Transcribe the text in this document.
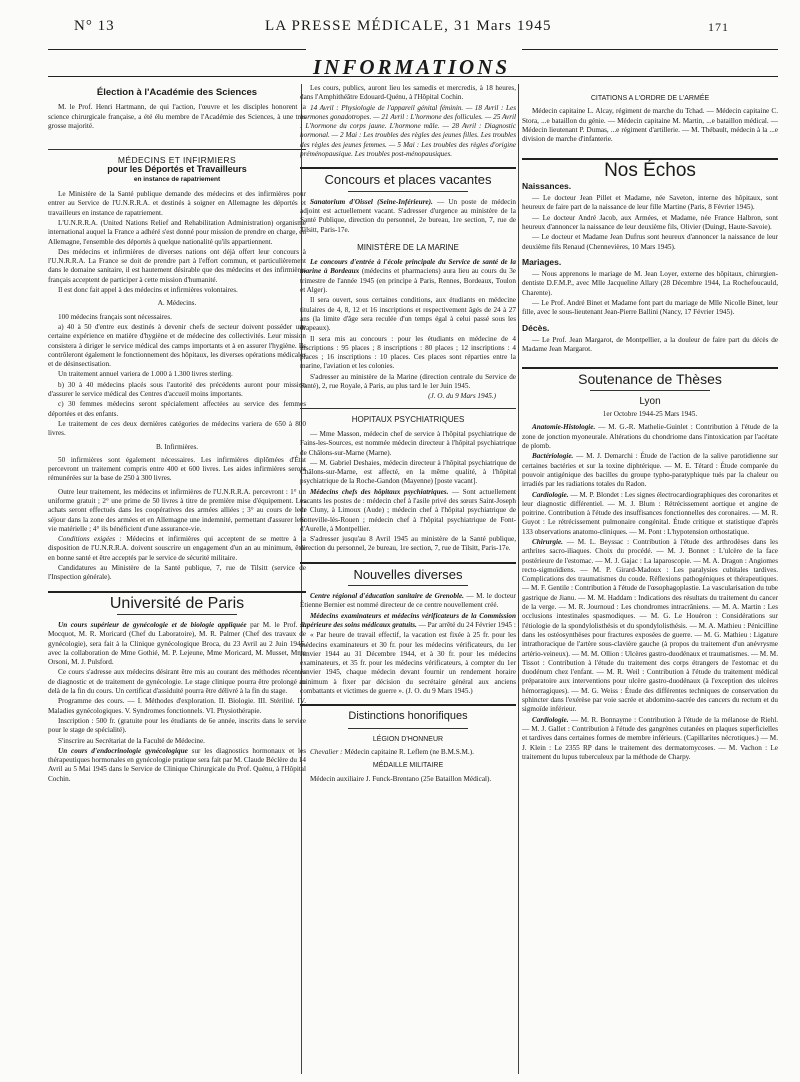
N° 13	LA PRESSE MÉDICALE, 31 Mars 1945	171
INFORMATIONS
Élection à l'Académie des Sciences

M. le Prof. Henri Hartmann, de qui l'action, l'œuvre et les disciples honorent la science chirurgicale française, a été élu membre de l'Académie des Sciences, à une très grosse majorité.

MÉDECINS ET INFIRMIERS
pour les Déportés et Travailleurs
en instance de rapatriement

Le Ministère de la Santé publique demande des médecins et des infirmières pour entrer au Service de l'U.N.R.R.A. et destinés à soigner en Allemagne les déportés et travailleurs en instance de rapatriement.

L'U.N.R.R.A. (United Nations Relief and Rehabilitation Administration) organisme international auquel la France a adhéré s'est donné pour mission de prendre en charge, en Allemagne, l'ensemble des déportés à quelque nationalité qu'ils appartiennent.

Des médecins et infirmières de diverses nations ont déjà offert leur concours à l'U.N.R.R.A. La France se doit de prendre part à l'effort commun, et particulièrement dans le domaine sanitaire, il est hautement désirable que des médecins et des infirmières français acceptent de participer à cette mission d'humanité.

Il est donc fait appel à des médecins et infirmières volontaires.

A. Médecins.

100 médecins français sont nécessaires.

a) 40 à 50 d'entre eux destinés à devenir chefs de secteur doivent posséder une certaine expérience en matière d'hygiène et de médecine des collectivités. Leur mission consistera à diriger le service médical des camps importants et à en assurer l'hygiène. Ils contrôleront également le fonctionnement des hôpitaux, les diverses opérations médicales et de désinsectisation.

Un traitement annuel variera de 1.000 à 1.300 livres sterling.

b) 30 à 40 médecins placés sous l'autorité des précédents auront pour mission d'assurer le service médical des Centres d'accueil moins importants.

c) 30 femmes médecins seront spécialement affectées au service des femmes déportées et des enfants.

Le traitement de ces deux dernières catégories de médecins variera de 650 à 800 livres.

B. Infirmières.

50 infirmières sont également nécessaires. Les infirmières diplômées d'État percevront un traitement compris entre 400 et 600 livres. Les aides infirmières seront rémunérées sur la base de 250 à 300 livres.

Outre leur traitement, les médecins et infirmières de l'U.N.R.R.A. percevront : 1° un uniforme gratuit ; 2° une prime de 50 livres à titre de première mise d'équipement. Les achats seront effectués dans les coopératives des armées alliées ; 3° au cours de leur séjour dans la zone des armées et en Allemagne une indemnité, permettant d'assurer leur vie matérielle ; 4° ils bénéficient d'une assurance-vie.

Conditions exigées : Médecins et infirmières qui acceptent de se mettre à la disposition de l'U.N.R.R.A. doivent souscrire un engagement d'un an au minimum, être en bonne santé et être acceptés par le service de sécurité militaire.

Candidatures au Ministère de la Santé publique, 7, rue de Tilsitt (service de l'Inspection générale).

Université de Paris

Un cours supérieur de gynécologie et de biologie appliquée par M. le Prof. P. Mocquot, M. R. Moricard (Chef du Laboratoire), M. R. Palmer (Chef des travaux de gynécologie), sera fait à la Clinique gynécologique Broca, du 23 Avril au 2 Juin 1945, avec la collaboration de Mme Gothié, M. P. Lejeune, Mme Moricard, M. Musset, Mme Orsoni, M. J. Pulsford.

Ce cours s'adresse aux médecins désirant être mis au courant des méthodes récentes de diagnostic et de traitement de gynécologie. Le stage clinique pourra être prolongé au delà de la fin du cours. Un certificat d'assiduité pourra être délivré à la fin du stage.

Programme des cours. — I. Méthodes d'exploration. II. Biologie. III. Stérilité. IV. Maladies gynécologiques. V. Syndromes fonctionnels. VI. Physiothérapie.

Inscription : 500 fr. (gratuite pour les étudiants de 6e année, inscrits dans le service pour le stage de spécialité).

S'inscrire au Secrétariat de la Faculté de Médecine.

Un cours d'endocrinologie gynécologique sur les diagnostics hormonaux et les thérapeutiques hormonales en gynécologie pratique sera fait par M. Claude Béclère du 14 Avril au 5 Mai 1945 dans le Service de Clinique Chirurgicale du Prof. Quénu, à l'Hôpital Cochin.

Les cours, publics, auront lieu les samedis et mercredis, à 18 heures, dans l'Amphithéâtre Edouard-Quénu, à l'Hôpital Cochin.

14 Avril : Physiologie de l'appareil génital féminin. — 18 Avril : Les hormones gonadotropes. — 21 Avril : L'hormone des follicules. — 25 Avril : L'hormone du corps jaune. L'hormone mâle. — 28 Avril : Diagnostic hormonal. — 2 Mai : Les troubles des règles des jeunes filles. Les troubles des règles des jeunes femmes. — 5 Mai : Les troubles des règles d'origine préménopausique. Les troubles post-ménopausiques.

Concours et places vacantes

Sanatorium d'Oissel (Seine-Inférieure). — Un poste de médecin adjoint est actuellement vacant. S'adresser d'urgence au ministère de la Santé Publique, direction du personnel, 2e bureau, 1re section, 7, rue de Tilsitt, Paris-17e.

MINISTÈRE DE LA MARINE

Le concours d'entrée à l'école principale du Service de santé de la marine à Bordeaux (médecins et pharmaciens) aura lieu au cours du 3e trimestre de l'année 1945 (en principe à Paris, Rennes, Bordeaux, Toulon et Alger).

Il sera ouvert, sous certaines conditions, aux étudiants en médecine titulaires de 4, 8, 12 et 16 inscriptions et respectivement âgés de 24 à 27 ans (la limite d'âge sera reculée d'un temps égal à celui passé sous les drapeaux).

Il sera mis au concours : pour les étudiants en médecine de 4 inscriptions : 95 places ; 8 inscriptions : 80 places ; 12 inscriptions : 4 places ; 16 inscriptions : 10 places. Ces places sont réparties entre la marine, l'aviation et les colonies.

S'adresser au ministère de la Marine (direction centrale du Service de Santé), 2, rue Royale, à Paris, au plus tard le 1er Juin 1945.

(J. O. du 9 Mars 1945.)

HOPITAUX PSYCHIATRIQUES

— Mme Masson, médecin chef de service à l'hôpital psychiatrique de Fains-les-Sources, est nommée médecin directeur à l'hôpital psychiatrique de Châlons-sur-Marne (Marne).

— M. Gabriel Deshaies, médecin directeur à l'hôpital psychiatrique de Châlons-sur-Marne, est affecté, en la même qualité, à l'hôpital psychiatrique de la Roche-Gandon (Mayenne) [poste vacant].

Médecins chefs des hôpitaux psychiatriques. — Sont actuellement vacants les postes de : médecin chef à l'asile privé des sœurs Saint-Joseph de Cluny, à Limoux (Aude) ; médecin chef à l'hôpital psychiatrique de Sotteville-lès-Rouen ; médecin chef à l'hôpital psychiatrique de Font-d'Aurelle, à Montpellier.

S'adresser jusqu'au 8 Avril 1945 au ministère de la Santé publique, direction du personnel, 2e bureau, 1re section, 7, rue de Tilsitt, Paris-17e.

Nouvelles diverses

Centre régional d'éducation sanitaire de Grenoble. — M. le docteur Étienne Bernier est nommé directeur de ce centre nouvellement créé.

Médecins examinateurs et médecins vérificateurs de la Commission supérieure des soins médicaux gratuits. — Par arrêté du 24 Février 1945 :

« Par heure de travail effectif, la vacation est fixée à 25 fr. pour les médecins examinateurs et 30 fr. pour les médecins vérificateurs, du 1er Janvier 1944 au 31 Décembre 1944, et à 30 fr. pour les médecins examinateurs, et 35 fr. pour les médecins vérificateurs, à compter du 1er Janvier 1945, chaque médecin devant fournir un rendement horaire minimum à fixer par décision du secrétaire général aux anciens combattants et victimes de guerre ». (J. O. du 9 Mars 1945.)

Distinctions honorifiques
LÉGION D'HONNEUR

Chevalier : Médecin capitaine R. Leflem (ne B.M.S.M.).

MÉDAILLE MILITAIRE

Médecin auxiliaire J. Funck-Brentano (25e Bataillon Médical).

CITATIONS A L'ORDRE DE L'ARMÉE

Médecin capitaine L. Alcay, régiment de marche du Tchad. — Médecin capitaine C. Stora, ...e bataillon du génie. — Médecin capitaine M. Martin, ...e bataillon médical. — Médecin lieutenant P. Dumas, ...e régiment d'artillerie. — M. Thébault, médecin à la ...e division de marche d'infanterie.

Nos Échos
Naissances.

— Le docteur Jean Pillet et Madame, née Saveton, interne des hôpitaux, sont heureux de faire part de la naissance de leur fille Martine (Paris, 8 Février 1945).

— Le docteur André Jacob, aux Armées, et Madame, née France Halbron, sont heureux d'annoncer la naissance de leur deuxième fils, Olivier (Duingt, Haute-Savoie).

— Le docteur et Madame Jean Dufrus sont heureux d'annoncer la naissance de leur deuxième fils Renaud (Chennevières, 10 Mars 1945).

Mariages.

— Nous apprenons le mariage de M. Jean Loyer, externe des hôpitaux, chirurgien-dentiste D.F.M.P., avec Mlle Jacqueline Allary (28 Décembre 1944, La Rochefoucauld, Charente).

— Le Prof. André Binet et Madame font part du mariage de Mlle Nicolle Binet, leur fille, avec le sous-lieutenant Jean-Pierre Ballini (Nancy, 17 Février 1945).

Décès.

— Le Prof. Jean Margarot, de Montpellier, a la douleur de faire part du décès de Madame Jean Margarot.

Soutenance de Thèses
Lyon

1er Octobre 1944-25 Mars 1945.

Anatomie-Histologie. — M. G.-R. Mathelie-Guinlet : Contribution à l'étude de la zone de jonction myoneurale. Altérations du chondriome dans l'intoxication par l'acétate de plomb.

Bactériologie. — M. J. Demarchi : Étude de l'action de la salive parotidienne sur certaines bactéries et sur la toxine diphtérique. — M. E. Tétard : Étude comparée du pouvoir antigénique des bacilles du groupe typho-paratyphique tués par la chaleur ou irradiés par les radiations totales du Radon.

Cardiologie. — M. P. Blondet : Les signes électrocardiographiques des coronarites et leur diagnostic différentiel. — M. J. Blum : Rétrécissement aortique et angine de poitrine. Contribution à l'étude des insuffisances fonctionnelles des coronaires. — M. R. Guyot : Le rétrécissement pulmonaire congénital. Étude critique et statistique d'après 133 observations anatomo-cliniques. — M. Pont : L'hypotension orthostatique.

Chirurgie. — M. L. Beyssac : Contribution à l'étude des arthrodèses dans les arthrites sacro-iliaques. Choix du procédé. — M. J. Bonnet : L'ulcère de la face postérieure de l'estomac. — M. J. Gajac : La laparoscopie. — M. A. Dragon : Angiomes recto-sigmoïdiens. — M. P. Girard-Madoux : Les paralysies cubitales tardives. Complications des traumatismes du coude. Réflexions pathogéniques et thérapeutiques. — M. F. Gentile : Contribution à l'étude de l'œsophagoplastie. La vascularisation du tube gastrique de Jianu. — M. M. Haddam : Indications des résultats du traitement du cancer de la verge. — M. R. Journoud : Les chondromes intracrâniens. — M. A. Martin : Les occlusions intestinales spasmodiques. — M. G. Le Houéron : Considérations sur l'étiologie de la spondylolisthésis et du spondylolisthésis. — M. A. Mathieu : Pénicilline dans les ostéosynthèses pour fractures exposées de guerre. — M. G. Mathieu : Ligature intrathoracique de l'artère sous-clavière gauche (à propos du traitement d'un anévrysme artério-veineux). — M. M. Ollion : Ulcères gastro-duodénaux et traumatismes. — M. M. Tissot : Contribution à l'étude du traitement des corps étrangers de l'estomac et du duodénum chez l'enfant. — M. R. Weil : Contribution à l'étude du traitement médical préparatoire aux interventions pour ulcère gastro-duodénaux (à l'exception des ulcères hémorragiques). — M. G. Weiss : Étude des différentes techniques de conservation du sphincter dans l'exérèse par voie sacrée et abdomino-sacrée des cancers du rectum et du sigmoïde inférieur.

Cardiologie. — M. R. Bonnayme : Contribution à l'étude de la mélanose de Riehl. — M. J. Gallet : Contribution à l'étude des gangrènes cutanées en plaques superficielles et tardives dans certaines formes de membre inférieurs. (Capillarites nécrotiques.) — M. J. Klein : Le 2355 RP dans le traitement des dermatomycoses. — M. Vachon : Le traitement du lupus tuberculeux par la méthode de Charpy.
